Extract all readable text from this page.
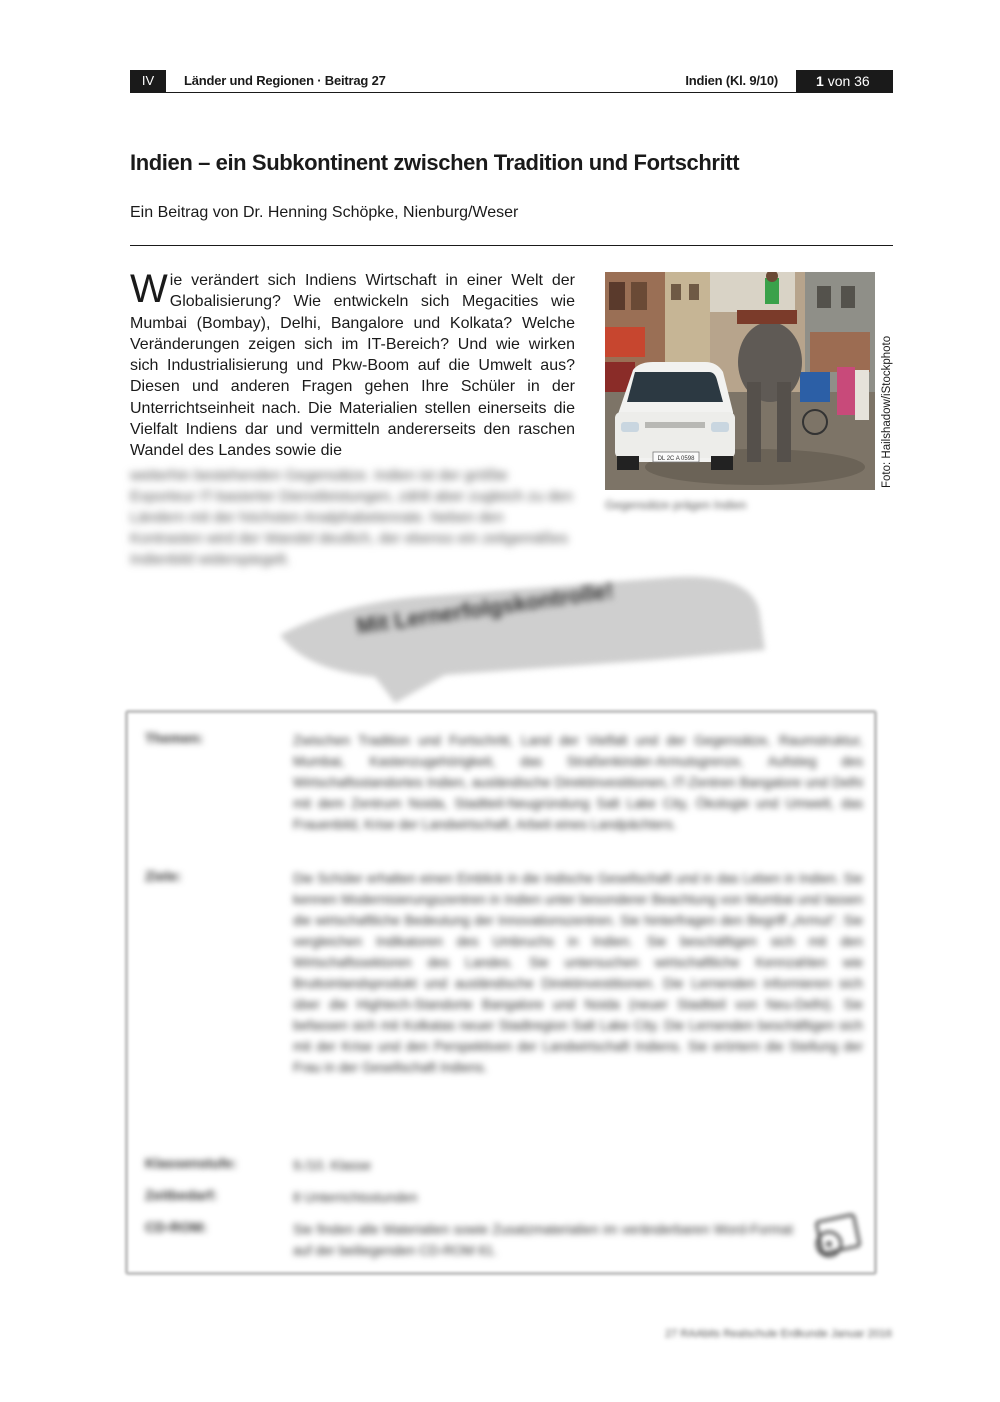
IV	Länder und Regionen · Beitrag 27	Indien (Kl. 9/10)	1 von 36
Indien – ein Subkontinent zwischen Tradition und Fortschritt
Ein Beitrag von Dr. Henning Schöpke, Nienburg/Weser

Wie verändert sich Indiens Wirtschaft in einer Welt der Globalisierung? Wie entwickeln sich Megacities wie Mumbai (Bombay), Delhi, Bangalore und Kolkata? Welche Veränderungen zeigen sich im IT-Bereich? Und wie wirken sich Industrialisierung und Pkw-Boom auf die Umwelt aus? Diesen und anderen Fragen gehen Ihre Schüler in der Unterrichtseinheit nach. Die Materialien stellen einerseits die Vielfalt Indiens dar und vermitteln andererseits den raschen Wandel des Landes sowie die

weiterhin bestehenden Gegensätze. Indien ist der größte Exporteur IT-basierter Dienstleistungen, zählt aber zugleich zu den Ländern mit der höchsten Analphabetenrate. Neben den Kontrasten wird der Wandel deutlich, der ebenso ein zeitgemäßes Indienbild widerspiegelt.

DL 2C A 0598	Foto: Hailshadow/iStockphoto
Gegensätze prägen Indien
Mit Lernerfolgskontrolle!
Themen:	Zwischen Tradition und Fortschritt, Land der Vielfalt und der Gegensätze, Raumstruktur, Mumbai, Kastenzugehörigkeit, das Straßenkinder-Armutsgrenze, Aufstieg des Wirtschaftsstandortes Indien, ausländische Direktinvestitionen, IT-Zentren Bangalore und Delhi mit dem Zentrum Noida, Stadtteil-Neugründung Salt Lake City, Ökologie und Umwelt, das Frauenbild, Krise der Landwirtschaft, Arbeit eines Landpächters.
Ziele:	Die Schüler erhalten einen Einblick in die indische Gesellschaft und in das Leben in Indien. Sie kennen Modernisierungszentren in Indien unter besonderer Beachtung von Mumbai und lassen die wirtschaftliche Bedeutung der Innovationszentren. Sie hinterfragen den Begriff „Armut“. Sie vergleichen Indikatoren des Umbruchs in Indien. Sie beschäftigen sich mit den Wirtschaftssektoren des Landes. Sie untersuchen wirtschaftliche Kennzahlen wie Bruttoinlandsprodukt und ausländische Direktinvestitionen. Die Lernenden informieren sich über die Hightech-Standorte Bangalore und Noida (neuer Stadtteil von Neu-Delhi). Sie befassen sich mit Kolkatas neuer Stadtregion Salt Lake City. Die Lernenden beschäftigen sich mit der Krise und den Perspektiven der Landwirtschaft Indiens. Sie erörtern die Stellung der Frau in der Gesellschaft Indiens.
Klassenstufe:	9./10. Klasse
Zeitbedarf:	8 Unterrichtsstunden
CD-ROM:	Sie finden alle Materialien sowie Zusatzmaterialien im veränderbaren Word-Format auf der beiliegenden CD-ROM 61.
27 RAAbits Realschule Erdkunde Januar 2016
